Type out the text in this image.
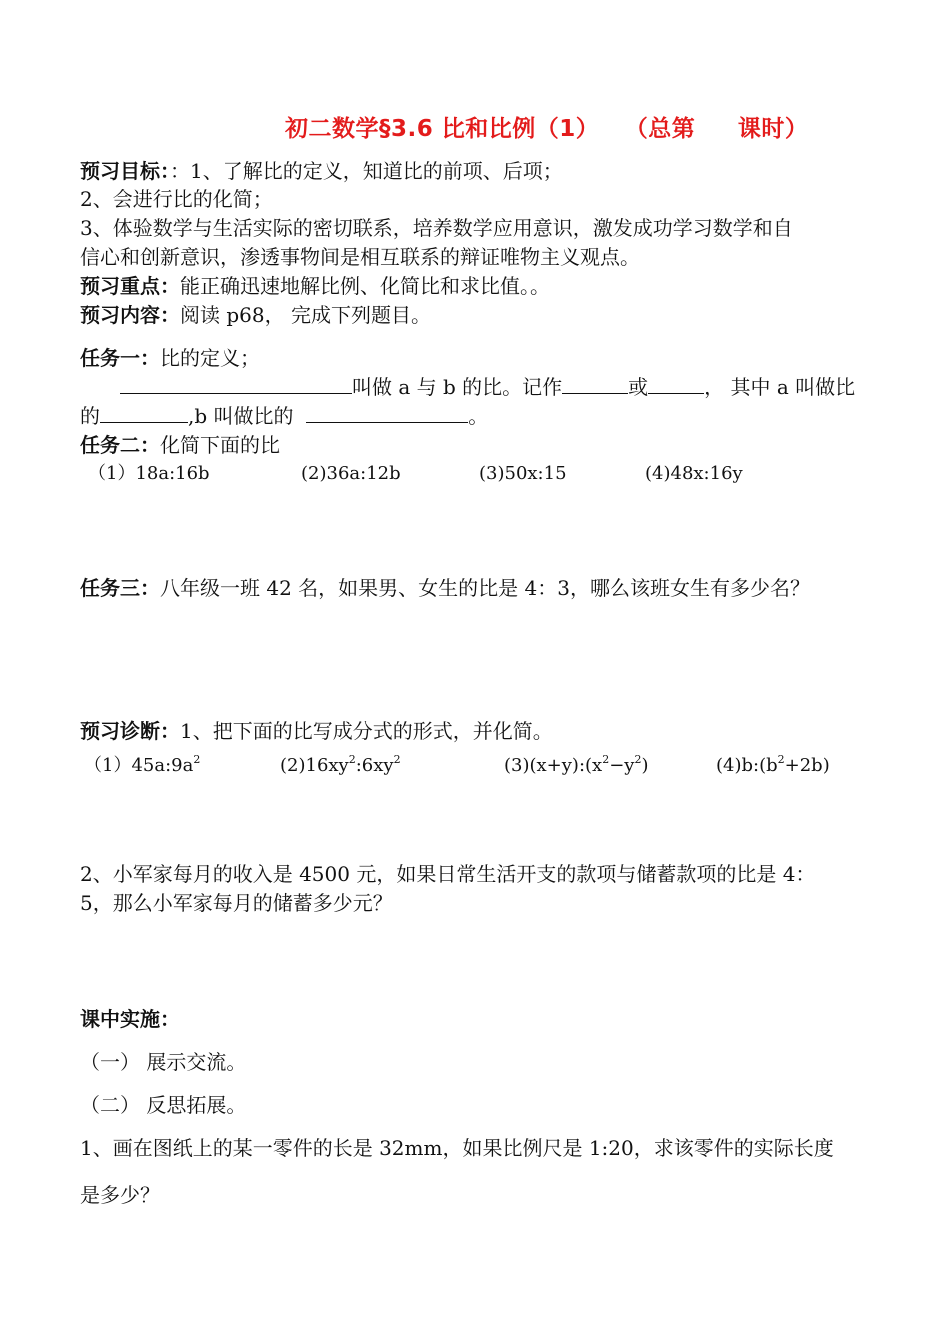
初二数学§3.6 比和比例（1）   （总第     课时）
预习目标：：1、了解比的定义，知道比的前项、后项；
2、会进行比的化简；
3、体验数学与生活实际的密切联系，培养数学应用意识，激发成功学习数学和自
信心和创新意识，渗透事物间是相互联系的辩证唯物主义观点。
预习重点：能正确迅速地解比例、化简比和求比值。。
预习内容：阅读 p68， 完成下列题目。
任务一：比的定义；
叫做 a 与 b 的比。记作	或	， 其中 a 叫做比
的	,b 叫做比的	。
任务二：化简下面的比
（1）18a:16b	(2)36a:12b	(3)50x:15	(4)48x:16y
任务三：八年级一班 42 名，如果男、女生的比是 4：3，哪么该班女生有多少名？
预习诊断：1、把下面的比写成分式的形式，并化简。
$(1)45a:9a^2$	$(2)16xy^2:6xy^2$	$(3)(x+y):(x^2-y^2)$	$(4)b:(b^2+2b)$
2、小军家每月的收入是 4500 元，如果日常生活开支的款项与储蓄款项的比是 4：
5，那么小军家每月的储蓄多少元？
课中实施：
（一） 展示交流。
（二） 反思拓展。
1、画在图纸上的某一零件的长是 32mm，如果比例尺是 1:20，求该零件的实际长度
是多少？
